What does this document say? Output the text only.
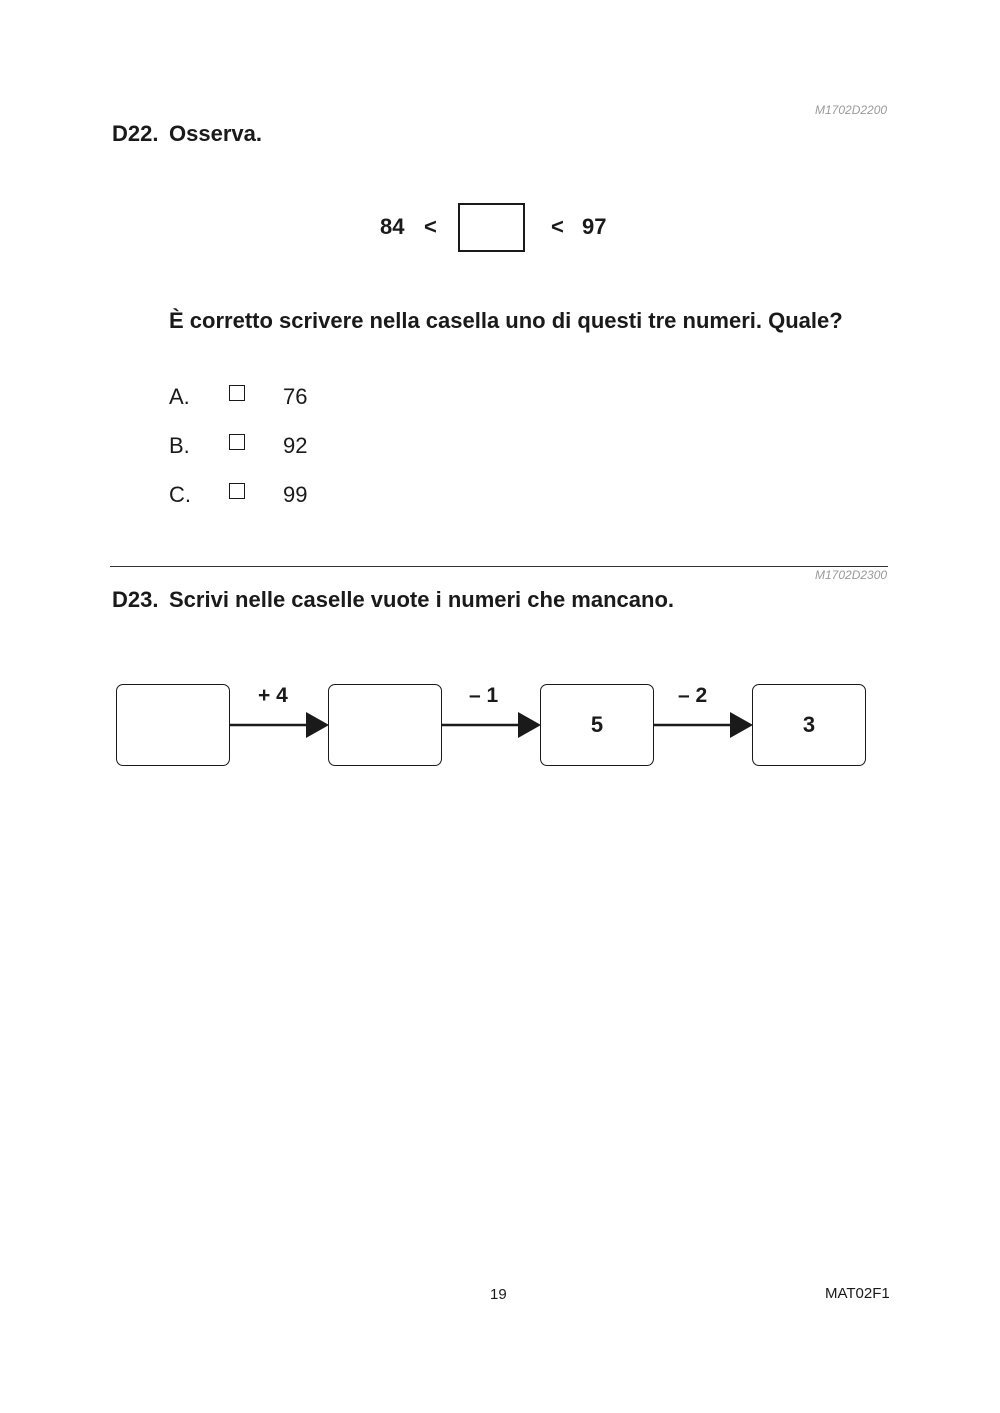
M1702D2200
D22. Osserva.
84 <	< 97
È corretto scrivere nella casella uno di questi tre numeri. Quale?
A.	76
B.	92
C.	99
M1702D2300
D23. Scrivi nelle caselle vuote i numeri che mancano.
5	3
+ 4	– 1	– 2
19	MAT02F1
